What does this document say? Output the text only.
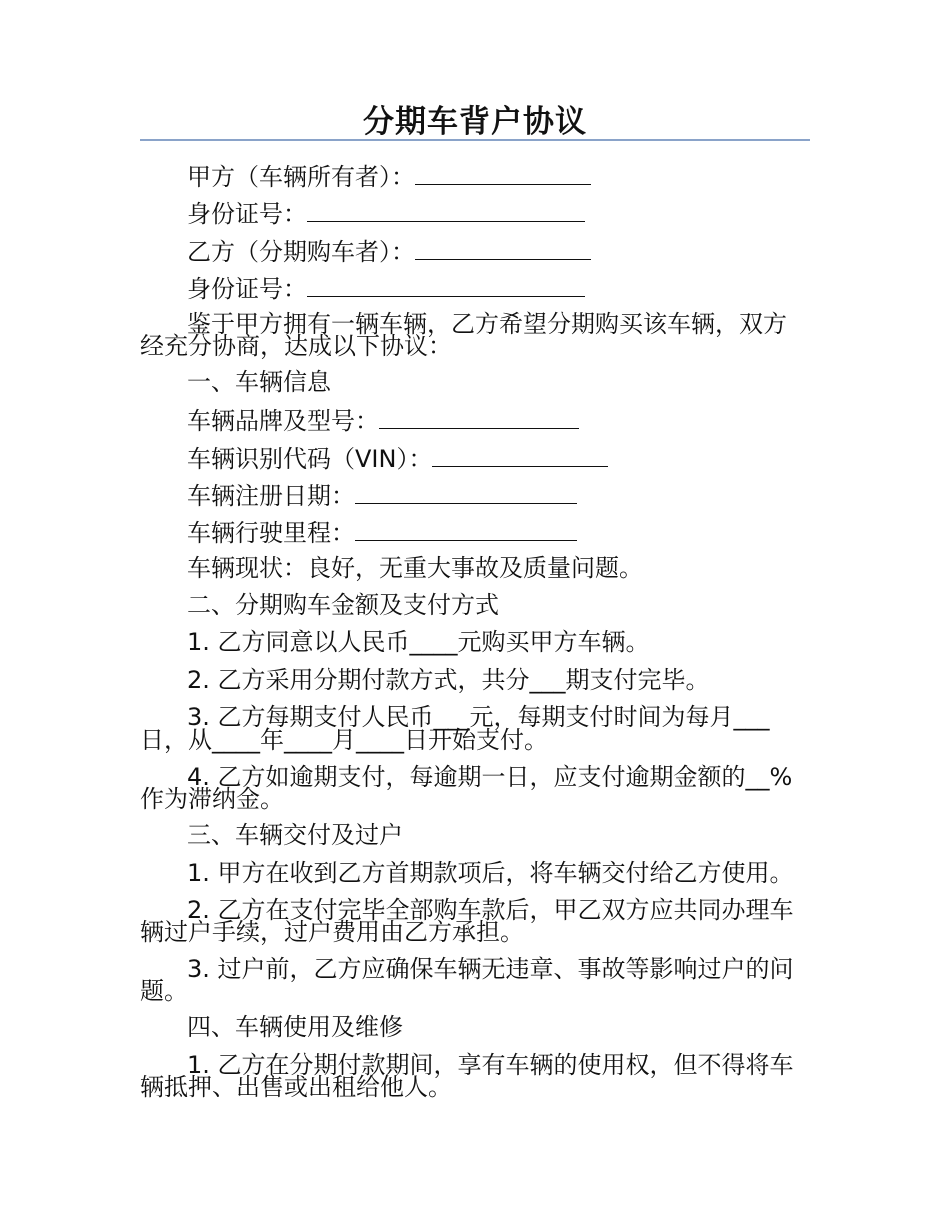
分期车背户协议
甲方（车辆所有者）：
身份证号：
乙方（分期购车者）：
身份证号：
鉴于甲方拥有一辆车辆，乙方希望分期购买该车辆，双方
经充分协商，达成以下协议：
一、车辆信息
车辆品牌及型号：
车辆识别代码（VIN）：
车辆注册日期：
车辆行驶里程：
车辆现状：良好，无重大事故及质量问题。
二、分期购车金额及支付方式
1. 乙方同意以人民币____元购买甲方车辆。
2. 乙方采用分期付款方式，共分___期支付完毕。
3. 乙方每期支付人民币___元，每期支付时间为每月___
日，从____年____月____日开始支付。
4. 乙方如逾期支付，每逾期一日，应支付逾期金额的__%
作为滞纳金。
三、车辆交付及过户
1. 甲方在收到乙方首期款项后，将车辆交付给乙方使用。
2. 乙方在支付完毕全部购车款后，甲乙双方应共同办理车
辆过户手续，过户费用由乙方承担。
3. 过户前，乙方应确保车辆无违章、事故等影响过户的问
题。
四、车辆使用及维修
1. 乙方在分期付款期间，享有车辆的使用权，但不得将车
辆抵押、出售或出租给他人。
